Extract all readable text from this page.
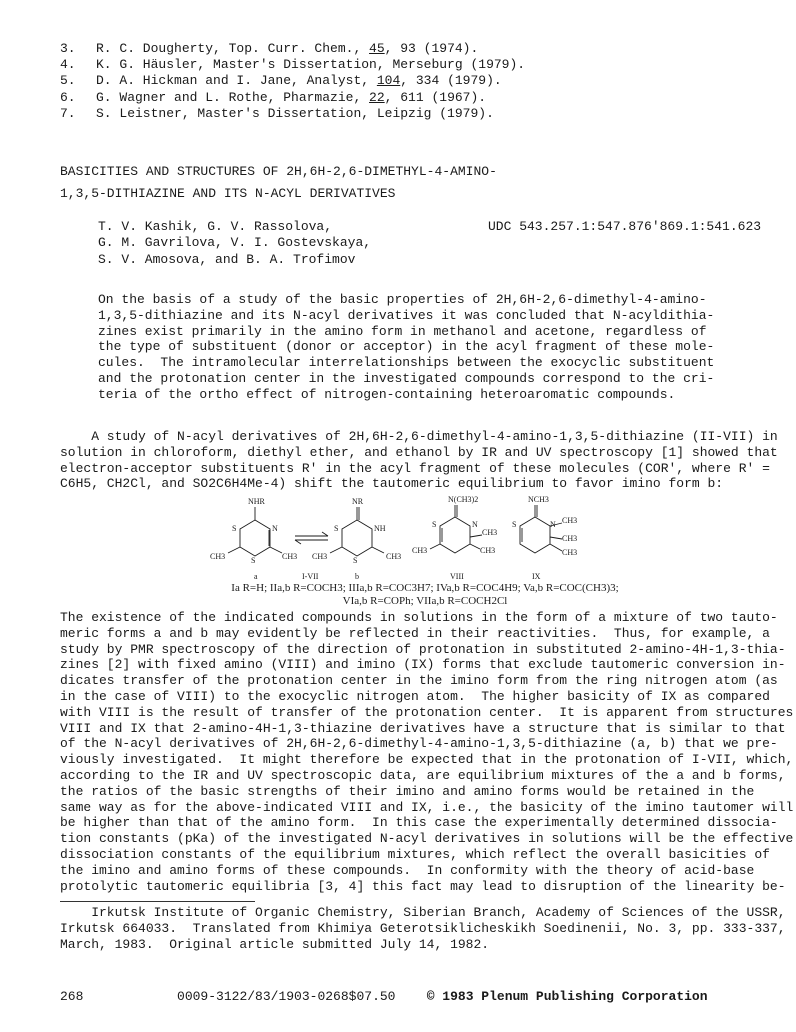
3. R. C. Dougherty, Top. Curr. Chem., 45, 93 (1974).
4. K. G. Häusler, Master's Dissertation, Merseburg (1979).
5. D. A. Hickman and I. Jane, Analyst, 104, 334 (1979).
6. G. Wagner and L. Rothe, Pharmazie, 22, 611 (1967).
7. S. Leistner, Master's Dissertation, Leipzig (1979).
BASICITIES AND STRUCTURES OF 2H,6H-2,6-DIMETHYL-4-AMINO-
1,3,5-DITHIAZINE AND ITS N-ACYL DERIVATIVES
T. V. Kashik, G. V. Rassolova,
G. M. Gavrilova, V. I. Gostevskaya,
S. V. Amosova, and B. A. Trofimov
UDC 543.257.1:547.876'869.1:541.623
On the basis of a study of the basic properties of 2H,6H-2,6-dimethyl-4-amino-
1,3,5-dithiazine and its N-acyl derivatives it was concluded that N-acyldithia-
zines exist primarily in the amino form in methanol and acetone, regardless of
the type of substituent (donor or acceptor) in the acyl fragment of these mole-
cules.  The intramolecular interrelationships between the exocyclic substituent
and the protonation center in the investigated compounds correspond to the cri-
teria of the ortho effect of nitrogen-containing heteroaromatic compounds.
A study of N-acyl derivatives of 2H,6H-2,6-dimethyl-4-amino-1,3,5-dithiazine (II-VII) in
solution in chloroform, diethyl ether, and ethanol by IR and UV spectroscopy [1] showed that
electron-acceptor substituents R' in the acyl fragment of these molecules (COR', where R' =
C6H5, CH2Cl, and SO2C6H4Me-4) shift the tautomeric equilibrium to favor imino form b:
NHR	NR	N(CH3)2	NCH3
S	N
S
CH3	CH3
S	NH
S
CH3	CH3
S	N
CH3
CH3
CH3
S	N CH3
CH3
CH3
a	b
I-VII	VIII	IX
Ia R=H; IIa,b R=COCH3; IIIa,b R=COC3H7; IVa,b R=COC4H9; Va,b R=COC(CH3)3;
VIa,b R=COPh; VIIa,b R=COCH2Cl
The existence of the indicated compounds in solutions in the form of a mixture of two tauto-
meric forms a and b may evidently be reflected in their reactivities.  Thus, for example, a
study by PMR spectroscopy of the direction of protonation in substituted 2-amino-4H-1,3-thia-
zines [2] with fixed amino (VIII) and imino (IX) forms that exclude tautomeric conversion in-
dicates transfer of the protonation center in the imino form from the ring nitrogen atom (as
in the case of VIII) to the exocyclic nitrogen atom.  The higher basicity of IX as compared
with VIII is the result of transfer of the protonation center.  It is apparent from structures
VIII and IX that 2-amino-4H-1,3-thiazine derivatives have a structure that is similar to that
of the N-acyl derivatives of 2H,6H-2,6-dimethyl-4-amino-1,3,5-dithiazine (a, b) that we pre-
viously investigated.  It might therefore be expected that in the protonation of I-VII, which,
according to the IR and UV spectroscopic data, are equilibrium mixtures of the a and b forms,
the ratios of the basic strengths of their imino and amino forms would be retained in the
same way as for the above-indicated VIII and IX, i.e., the basicity of the imino tautomer will
be higher than that of the amino form.  In this case the experimentally determined dissocia-
tion constants (pKa) of the investigated N-acyl derivatives in solutions will be the effective
dissociation constants of the equilibrium mixtures, which reflect the overall basicities of
the imino and amino forms of these compounds.  In conformity with the theory of acid-base
protolytic tautomeric equilibria [3, 4] this fact may lead to disruption of the linearity be-
Irkutsk Institute of Organic Chemistry, Siberian Branch, Academy of Sciences of the USSR,
Irkutsk 664033.  Translated from Khimiya Geterotsiklicheskikh Soedinenii, No. 3, pp. 333-337,
March, 1983.  Original article submitted July 14, 1982.
268	0009-3122/83/1903-0268$07.50 © 1983 Plenum Publishing Corporation
